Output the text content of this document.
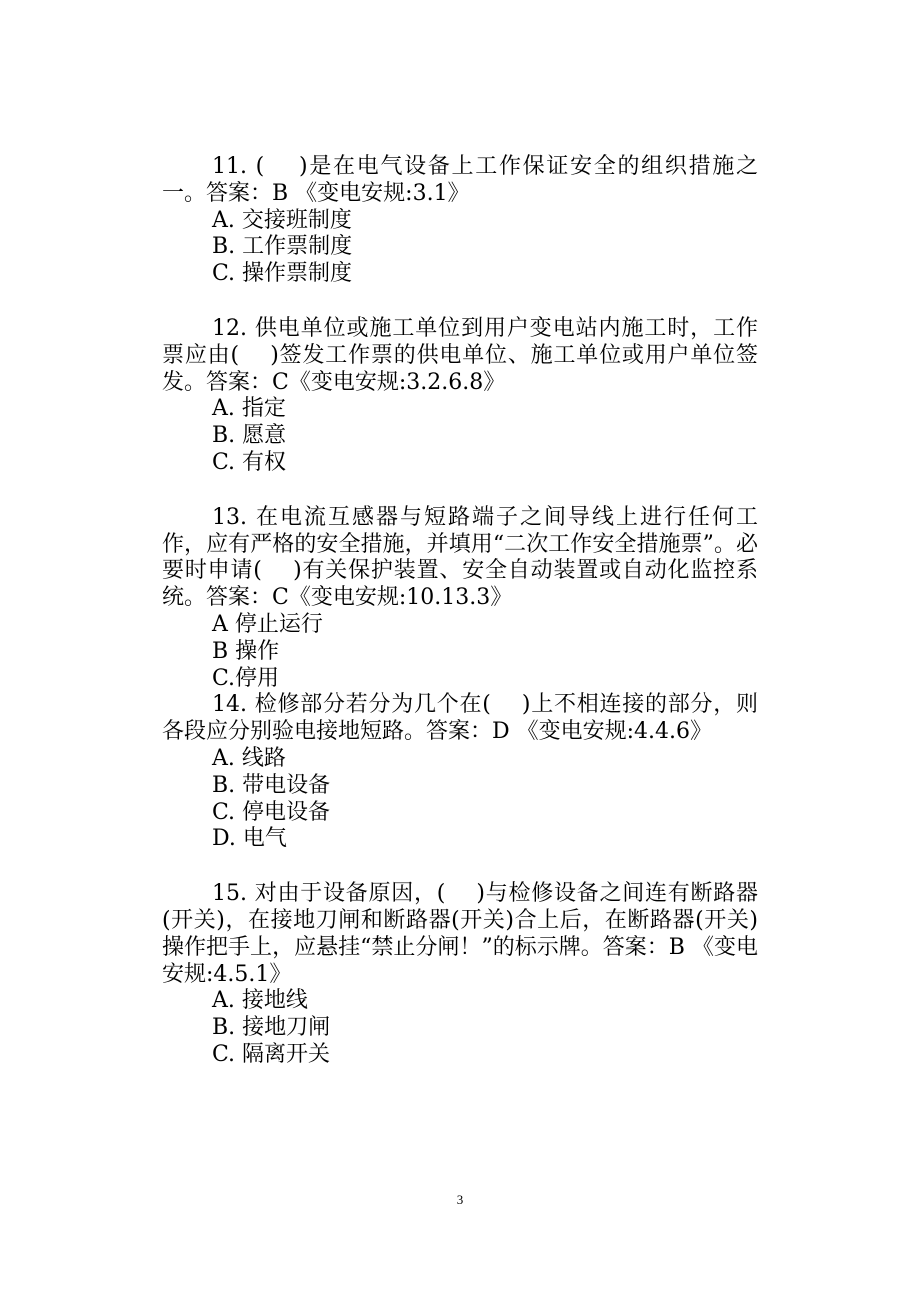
11. (    )是在电气设备上工作保证安全的组织措施之一。答案：B 《变电安规:3.1》

A. 交接班制度
B. 工作票制度
C. 操作票制度

12. 供电单位或施工单位到用户变电站内施工时，工作票应由(    )签发工作票的供电单位、施工单位或用户单位签发。答案：C《变电安规:3.2.6.8》

A. 指定
B. 愿意
C. 有权

13. 在电流互感器与短路端子之间导线上进行任何工作，应有严格的安全措施，并填用“二次工作安全措施票”。必要时申请(    )有关保护装置、安全自动装置或自动化监控系统。答案：C《变电安规:10.13.3》

A 停止运行
B 操作
C.停用

14. 检修部分若分为几个在(    )上不相连接的部分，则各段应分别验电接地短路。答案：D 《变电安规:4.4.6》

A. 线路
B. 带电设备
C. 停电设备
D. 电气

15. 对由于设备原因，(    )与检修设备之间连有断路器(开关)，在接地刀闸和断路器(开关)合上后，在断路器(开关)操作把手上，应悬挂“禁止分闸！”的标示牌。答案：B 《变电安规:4.5.1》

A. 接地线
B. 接地刀闸
C. 隔离开关
3
